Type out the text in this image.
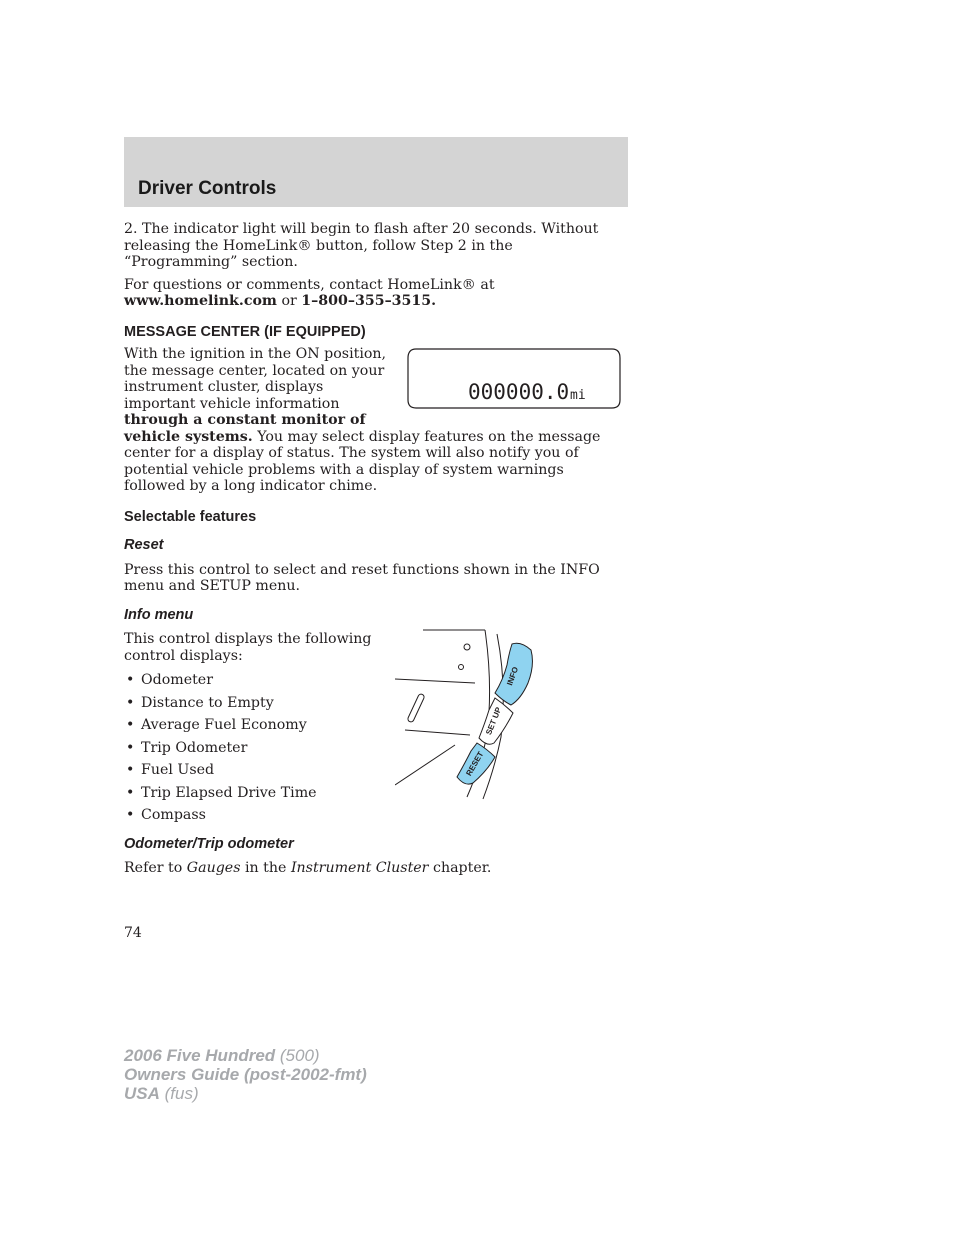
Driver Controls

2. The indicator light will begin to flash after 20 seconds. Without releasing the HomeLink® button, follow Step 2 in the “Programming” section.

For questions or comments, contact HomeLink® at www.homelink.com or 1–800–355–3515.

MESSAGE CENTER (IF EQUIPPED)
000000.0 mi

With the ignition in the ON position, the message center, located on your instrument cluster, displays important vehicle information through a constant monitor of vehicle systems. You may select display features on the message center for a display of status. The system will also notify you of potential vehicle problems with a display of system warnings followed by a long indicator chime.

Selectable features
Reset

Press this control to select and reset functions shown in the INFO menu and SETUP menu.

Info menu
INFO
SET UP
RESET

This control displays the following control displays:

• Odometer
• Distance to Empty
• Average Fuel Economy
• Trip Odometer
• Fuel Used
• Trip Elapsed Drive Time
• Compass
Odometer/Trip odometer

Refer to Gauges in the Instrument Cluster chapter.

74
2006 Five Hundred (500)
Owners Guide (post-2002-fmt)
USA (fus)
